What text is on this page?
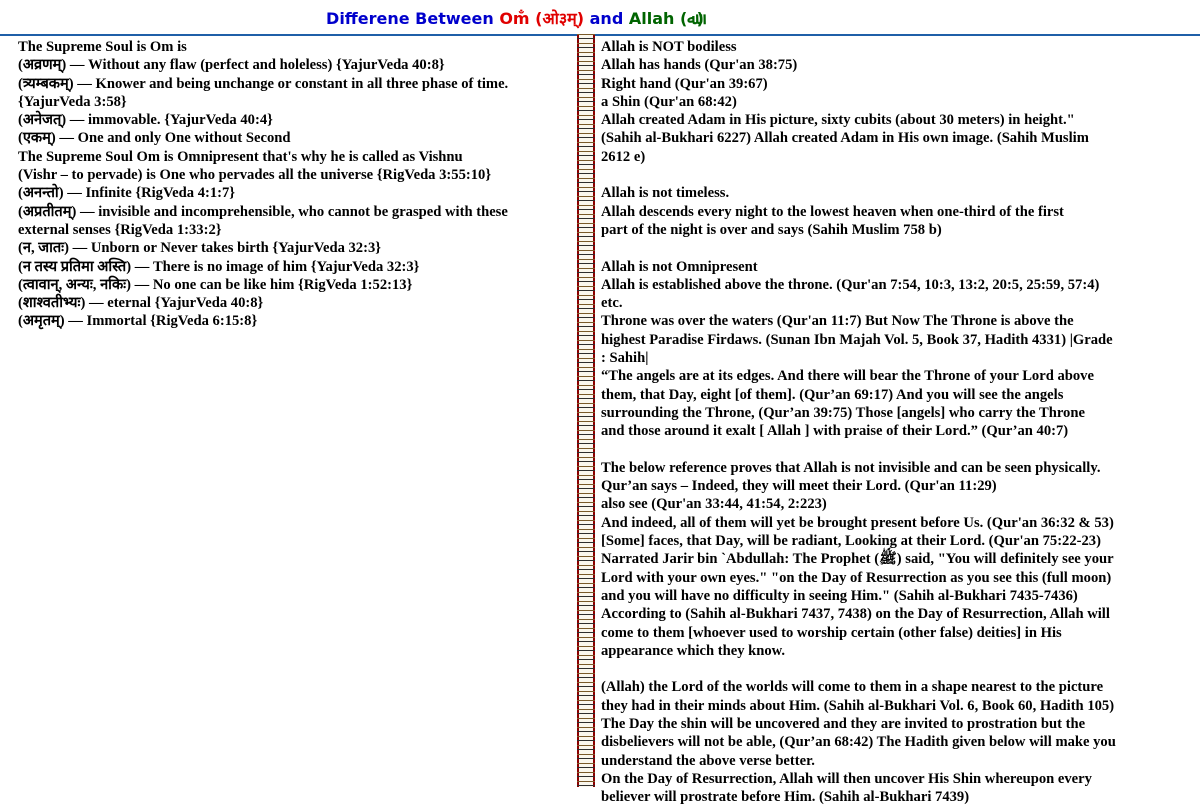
Differene Between Om̐ (ओ३म्) and Allah (ﷲ)
The Supreme Soul is Om is
(अव्रणम्) — Without any flaw (perfect and holeless) {YajurVeda 40:8}
(त्र्यम्बकम्) — Knower and being unchange or constant in all three phase of time.
{YajurVeda 3:58}
(अनेजत्) — immovable. {YajurVeda 40:4}
(एकम्) — One and only One without Second
The Supreme Soul Om is Omnipresent that's why he is called as Vishnu
(Vishr – to pervade) is One who pervades all the universe {RigVeda 3:55:10}
(अनन्तो) — Infinite {RigVeda 4:1:7}
(अप्रतीतम्) — invisible and incomprehensible, who cannot be grasped with these
external senses {RigVeda 1:33:2}
(न, जातः) — Unborn or Never takes birth {YajurVeda 32:3}
(न तस्य प्रतिमा अस्ति) — There is no image of him {YajurVeda 32:3}
(त्वावान्, अन्यः, नकिः) — No one can be like him {RigVeda 1:52:13}
(शाश्वतीभ्यः) — eternal {YajurVeda 40:8}
(अमृतम्) — Immortal {RigVeda 6:15:8}
Allah is NOT bodiless
Allah has hands (Qur'an 38:75)
Right hand (Qur'an 39:67)
a Shin (Qur'an 68:42)
Allah created Adam in His picture, sixty cubits (about 30 meters) in height."
(Sahih al-Bukhari 6227) Allah created Adam in His own image. (Sahih Muslim
2612 e)
Allah is not timeless.
Allah descends every night to the lowest heaven when one-third of the first
part of the night is over and says (Sahih Muslim 758 b)
Allah is not Omnipresent
Allah is established above the throne. (Qur'an 7:54, 10:3, 13:2, 20:5, 25:59, 57:4)
etc.
Throne was over the waters (Qur'an 11:7) But Now The Throne is above the
highest Paradise Firdaws. (Sunan Ibn Majah Vol. 5, Book 37, Hadith 4331) |Grade
: Sahih|
“The angels are at its edges. And there will bear the Throne of your Lord above
them, that Day, eight [of them]. (Qur’an 69:17) And you will see the angels
surrounding the Throne, (Qur’an 39:75) Those [angels] who carry the Throne
and those around it exalt [ Allah ] with praise of their Lord.” (Qur’an 40:7)
The below reference proves that Allah is not invisible and can be seen physically.
Qur’an says – Indeed, they will meet their Lord. (Qur'an 11:29)
also see (Qur'an 33:44, 41:54, 2:223)
And indeed, all of them will yet be brought present before Us. (Qur'an 36:32 & 53)
[Some] faces, that Day, will be radiant, Looking at their Lord. (Qur'an 75:22-23)
Narrated Jarir bin `Abdullah: The Prophet (ﷺ) said, "You will definitely see your
Lord with your own eyes." "on the Day of Resurrection as you see this (full moon)
and you will have no difficulty in seeing Him." (Sahih al-Bukhari 7435-7436)
According to (Sahih al-Bukhari 7437, 7438) on the Day of Resurrection, Allah will
come to them [whoever used to worship certain (other false) deities] in His
appearance which they know.
(Allah) the Lord of the worlds will come to them in a shape nearest to the picture
they had in their minds about Him. (Sahih al-Bukhari Vol. 6, Book 60, Hadith 105)
The Day the shin will be uncovered and they are invited to prostration but the
disbelievers will not be able, (Qur’an 68:42) The Hadith given below will make you
understand the above verse better.
On the Day of Resurrection, Allah will then uncover His Shin whereupon every
believer will prostrate before Him. (Sahih al-Bukhari 7439)
